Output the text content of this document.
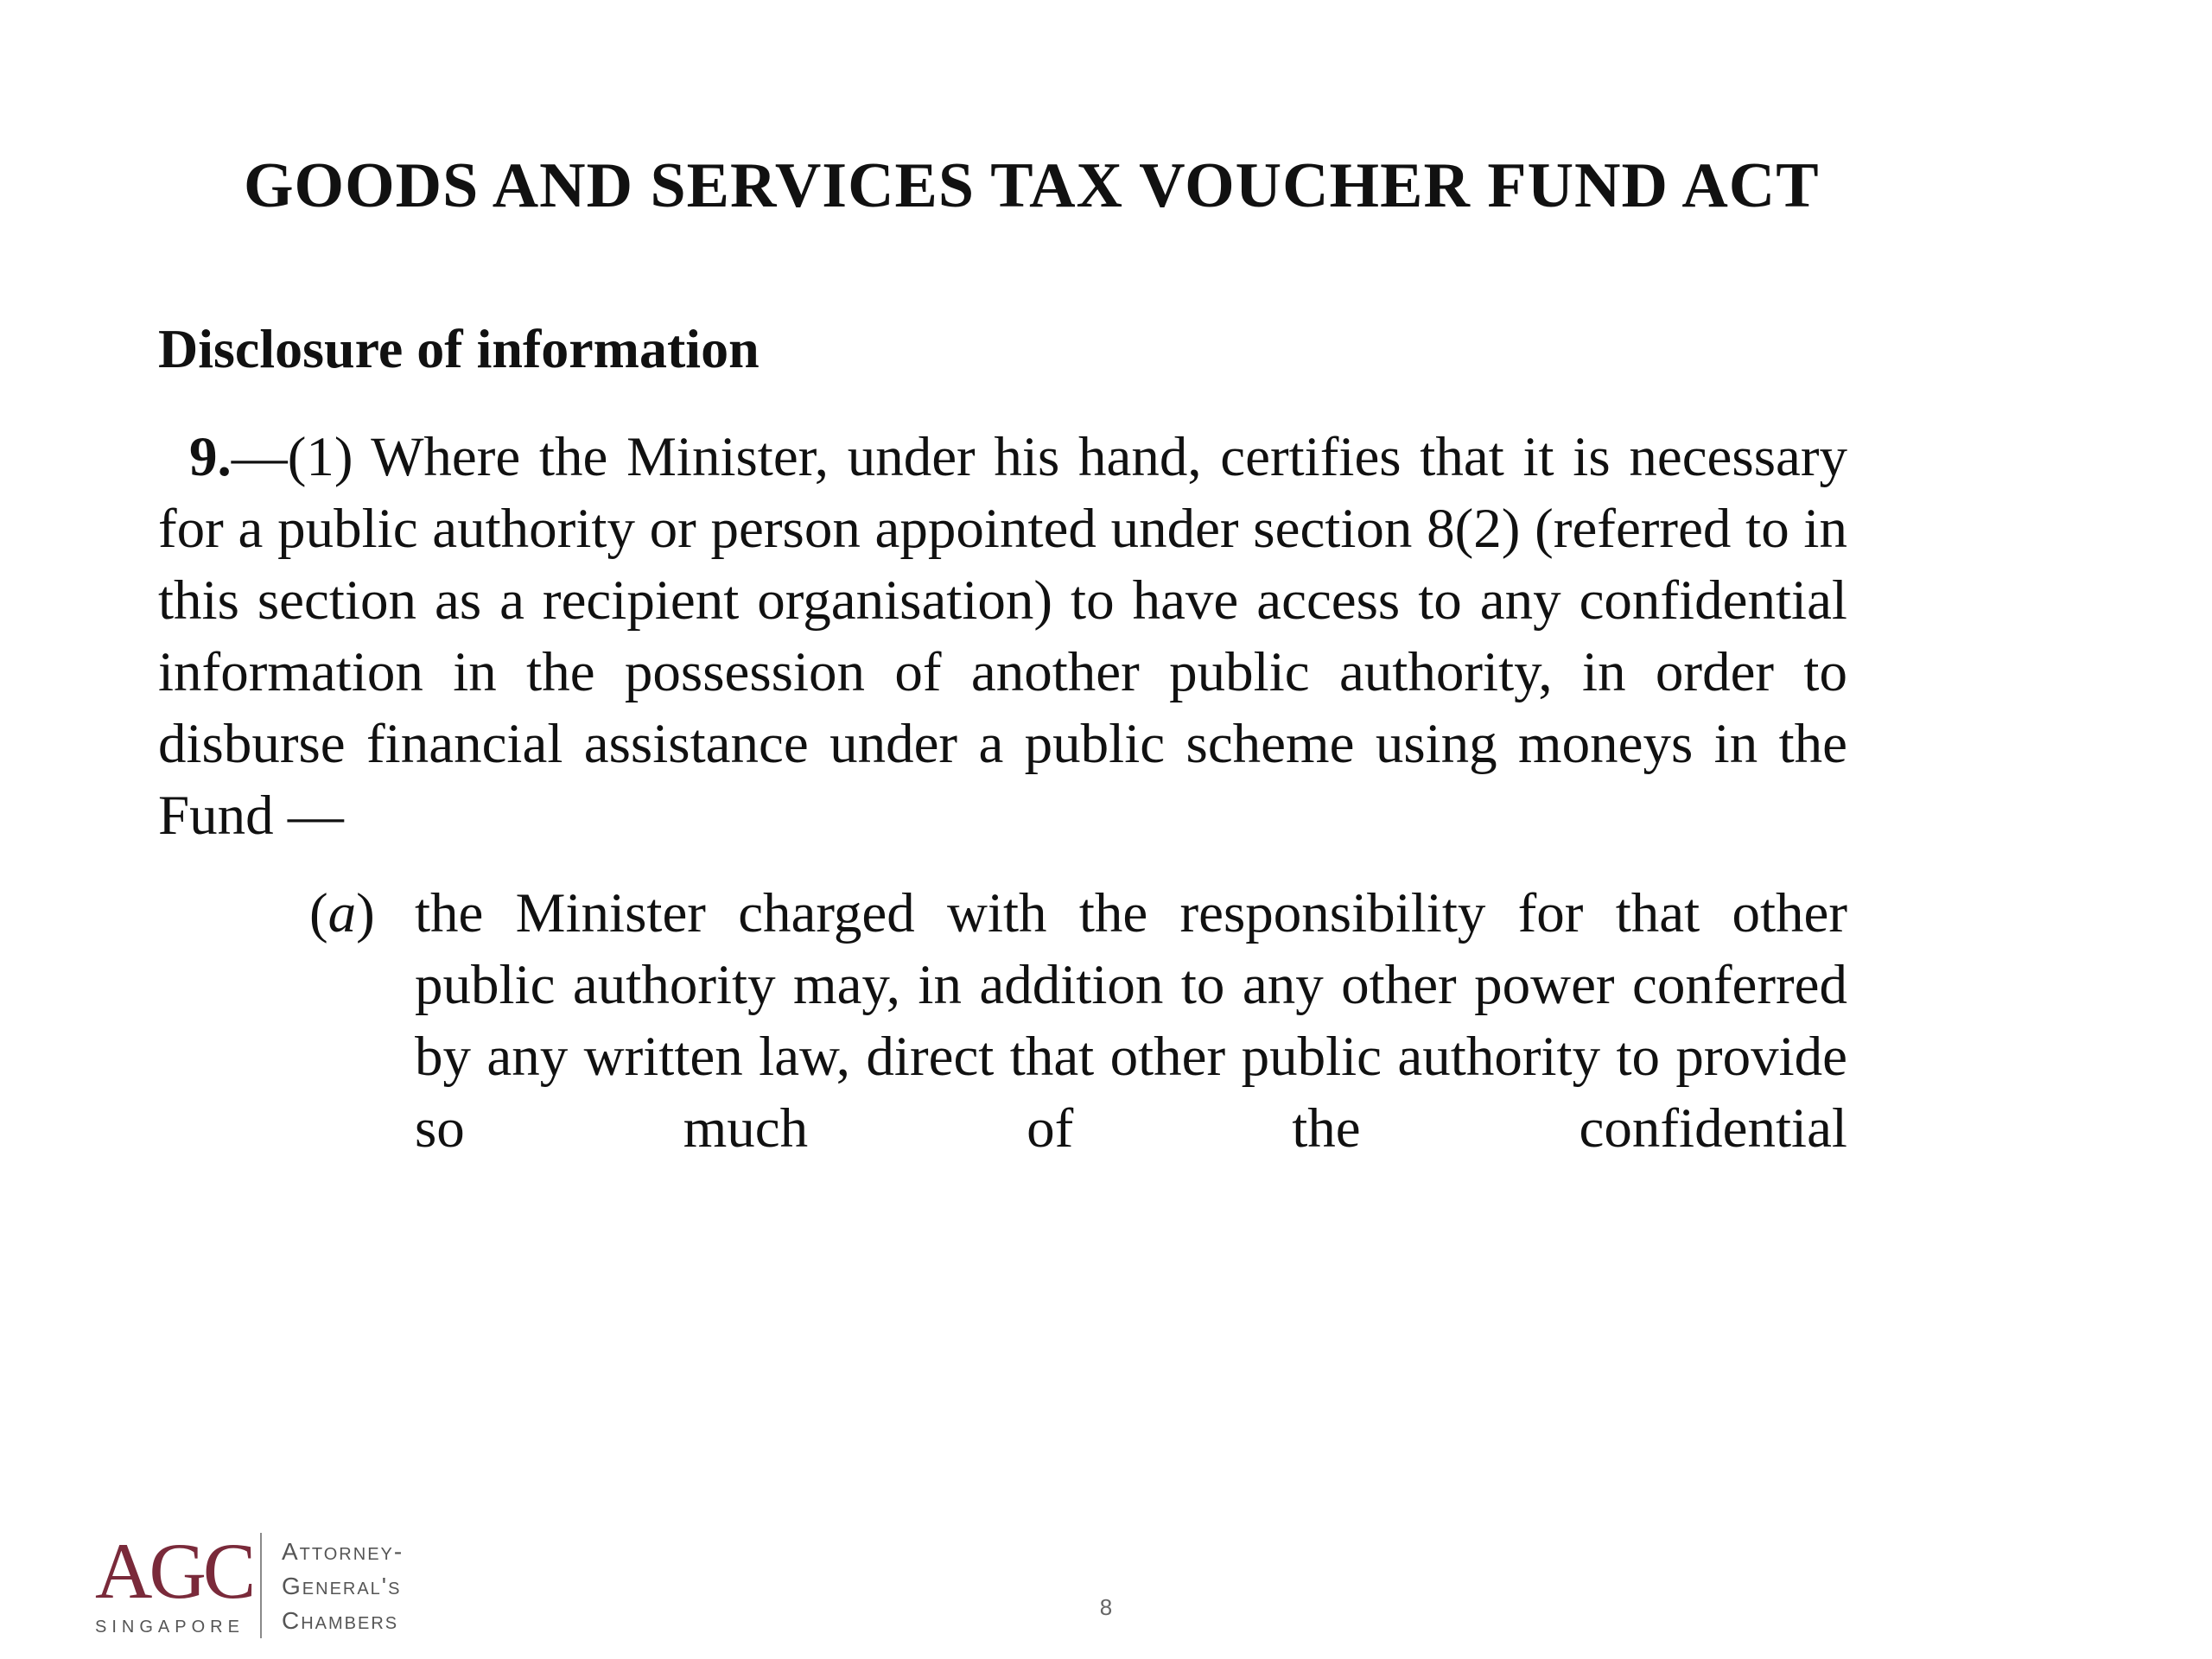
GOODS AND SERVICES TAX VOUCHER FUND ACT
Disclosure of information

9.—(1) Where the Minister, under his hand, certifies that it is necessary for a public authority or person appointed under section 8(2) (referred to in this section as a recipient organisation) to have access to any confidential information in the possession of another public authority, in order to disburse financial assistance under a public scheme using moneys in the Fund —

(a) the Minister charged with the responsibility for that other public authority may, in addition to any other power conferred by any written law, direct that other public authority to provide so much of the confidential

AGC
SINGAPORE
Attorney-
General's
Chambers	8
